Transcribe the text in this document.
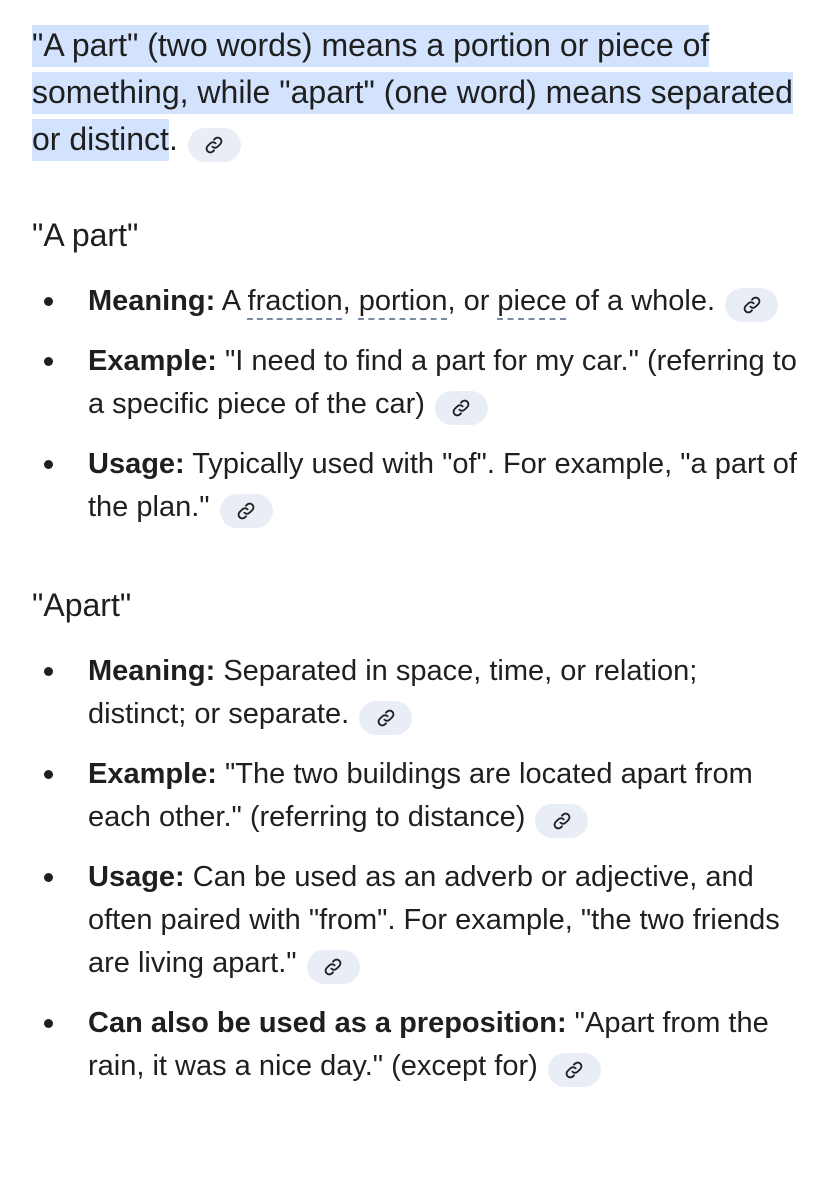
"A part" (two words) means a portion or piece of something, while "apart" (one word) means separated or distinct.

"A part"
Meaning: A fraction, portion, or piece of a whole.
Example: "I need to find a part for my car." (referring to a specific piece of the car)
Usage: Typically used with "of". For example, "a part of the plan."
"Apart"
Meaning: Separated in space, time, or relation; distinct; or separate.
Example: "The two buildings are located apart from each other." (referring to distance)
Usage: Can be used as an adverb or adjective, and often paired with "from". For example, "the two friends are living apart."
Can also be used as a preposition: "Apart from the rain, it was a nice day." (except for)
